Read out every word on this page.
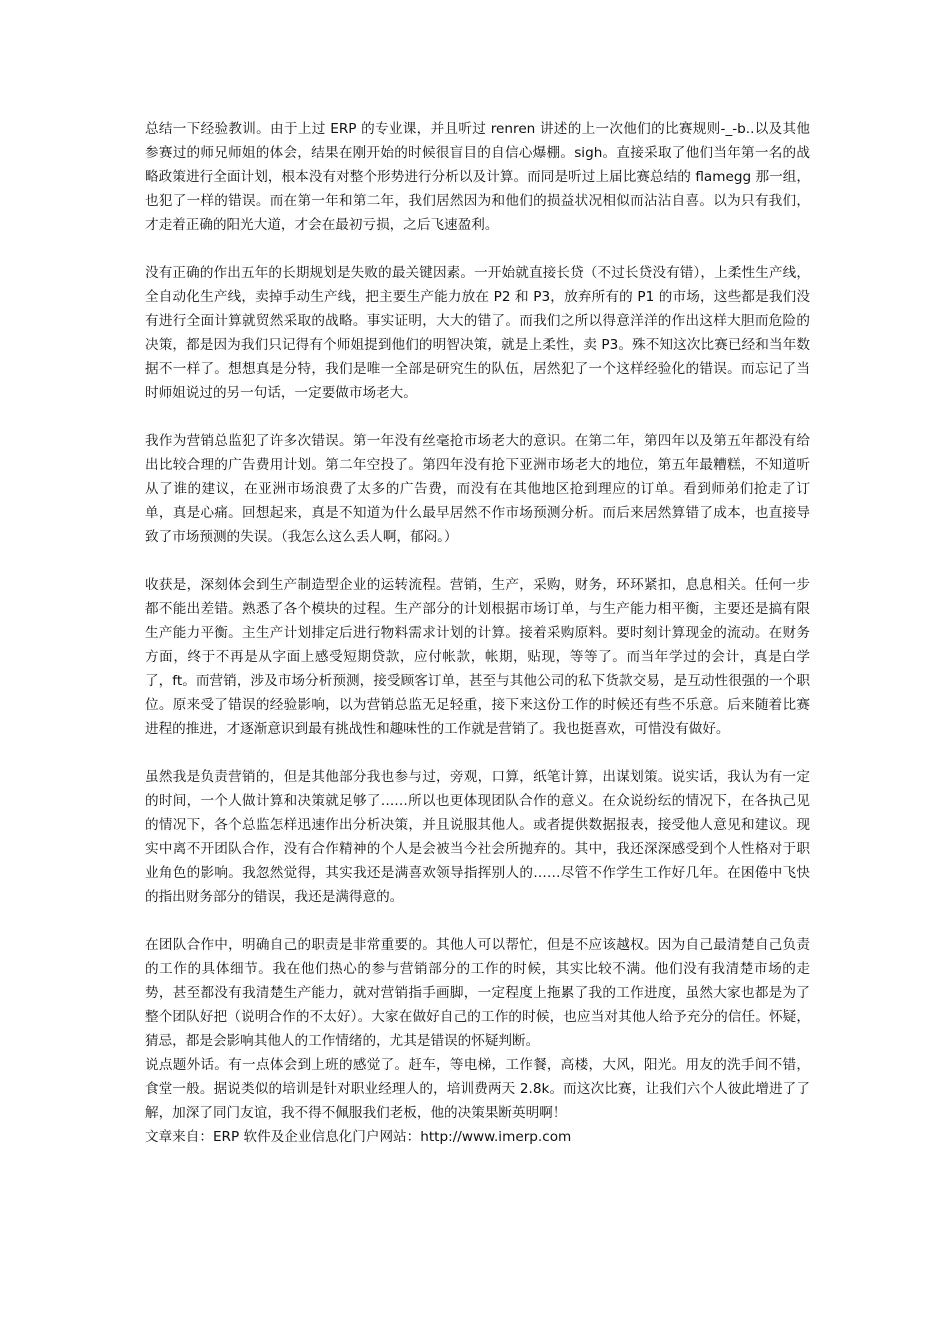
总结一下经验教训。由于上过 ERP 的专业课，并且听过 renren 讲述的上一次他们的比赛规则-_-b..以及其他参赛过的师兄师姐的体会，结果在刚开始的时候很盲目的自信心爆棚。sigh。直接采取了他们当年第一名的战略政策进行全面计划，根本没有对整个形势进行分析以及计算。而同是听过上届比赛总结的 flamegg 那一组，也犯了一样的错误。而在第一年和第二年，我们居然因为和他们的损益状况相似而沾沾自喜。以为只有我们，才走着正确的阳光大道，才会在最初亏损，之后飞速盈利。

没有正确的作出五年的长期规划是失败的最关键因素。一开始就直接长贷（不过长贷没有错），上柔性生产线，全自动化生产线，卖掉手动生产线，把主要生产能力放在 P2 和 P3，放弃所有的 P1 的市场，这些都是我们没有进行全面计算就贸然采取的战略。事实证明，大大的错了。而我们之所以得意洋洋的作出这样大胆而危险的决策，都是因为我们只记得有个师姐提到他们的明智决策，就是上柔性，卖 P3。殊不知这次比赛已经和当年数据不一样了。想想真是分特，我们是唯一全部是研究生的队伍，居然犯了一个这样经验化的错误。而忘记了当时师姐说过的另一句话，一定要做市场老大。

我作为营销总监犯了许多次错误。第一年没有丝毫抢市场老大的意识。在第二年，第四年以及第五年都没有给出比较合理的广告费用计划。第二年空投了。第四年没有抢下亚洲市场老大的地位，第五年最糟糕，不知道听从了谁的建议，在亚洲市场浪费了太多的广告费，而没有在其他地区抢到理应的订单。看到师弟们抢走了订单，真是心痛。回想起来，真是不知道为什么最早居然不作市场预测分析。而后来居然算错了成本，也直接导致了市场预测的失误。（我怎么这么丢人啊，郁闷。）

收获是，深刻体会到生产制造型企业的运转流程。营销，生产，采购，财务，环环紧扣，息息相关。任何一步都不能出差错。熟悉了各个模块的过程。生产部分的计划根据市场订单，与生产能力相平衡，主要还是搞有限生产能力平衡。主生产计划排定后进行物料需求计划的计算。接着采购原料。要时刻计算现金的流动。在财务方面，终于不再是从字面上感受短期贷款，应付帐款，帐期，贴现，等等了。而当年学过的会计，真是白学了，ft。而营销，涉及市场分析预测，接受顾客订单，甚至与其他公司的私下货款交易，是互动性很强的一个职位。原来受了错误的经验影响，以为营销总监无足轻重，接下来这份工作的时候还有些不乐意。后来随着比赛进程的推进，才逐渐意识到最有挑战性和趣味性的工作就是营销了。我也挺喜欢，可惜没有做好。

虽然我是负责营销的，但是其他部分我也参与过，旁观，口算，纸笔计算，出谋划策。说实话，我认为有一定的时间，一个人做计算和决策就足够了……所以也更体现团队合作的意义。在众说纷纭的情况下，在各执己见的情况下，各个总监怎样迅速作出分析决策，并且说服其他人。或者提供数据报表，接受他人意见和建议。现实中离不开团队合作，没有合作精神的个人是会被当今社会所抛弃的。其中，我还深深感受到个人性格对于职业角色的影响。我忽然觉得，其实我还是满喜欢领导指挥别人的……尽管不作学生工作好几年。在困倦中飞快的指出财务部分的错误，我还是满得意的。

在团队合作中，明确自己的职责是非常重要的。其他人可以帮忙，但是不应该越权。因为自己最清楚自己负责的工作的具体细节。我在他们热心的参与营销部分的工作的时候，其实比较不满。他们没有我清楚市场的走势，甚至都没有我清楚生产能力，就对营销指手画脚，一定程度上拖累了我的工作进度，虽然大家也都是为了整个团队好把（说明合作的不太好）。大家在做好自己的工作的时候，也应当对其他人给予充分的信任。怀疑，猜忌，都是会影响其他人的工作情绪的，尤其是错误的怀疑判断。

说点题外话。有一点体会到上班的感觉了。赶车，等电梯，工作餐，高楼，大风，阳光。用友的洗手间不错，食堂一般。据说类似的培训是针对职业经理人的，培训费两天 2.8k。而这次比赛，让我们六个人彼此增进了了解，加深了同门友谊，我不得不佩服我们老板，他的决策果断英明啊！

文章来自：ERP 软件及企业信息化门户网站：http://www.imerp.com
